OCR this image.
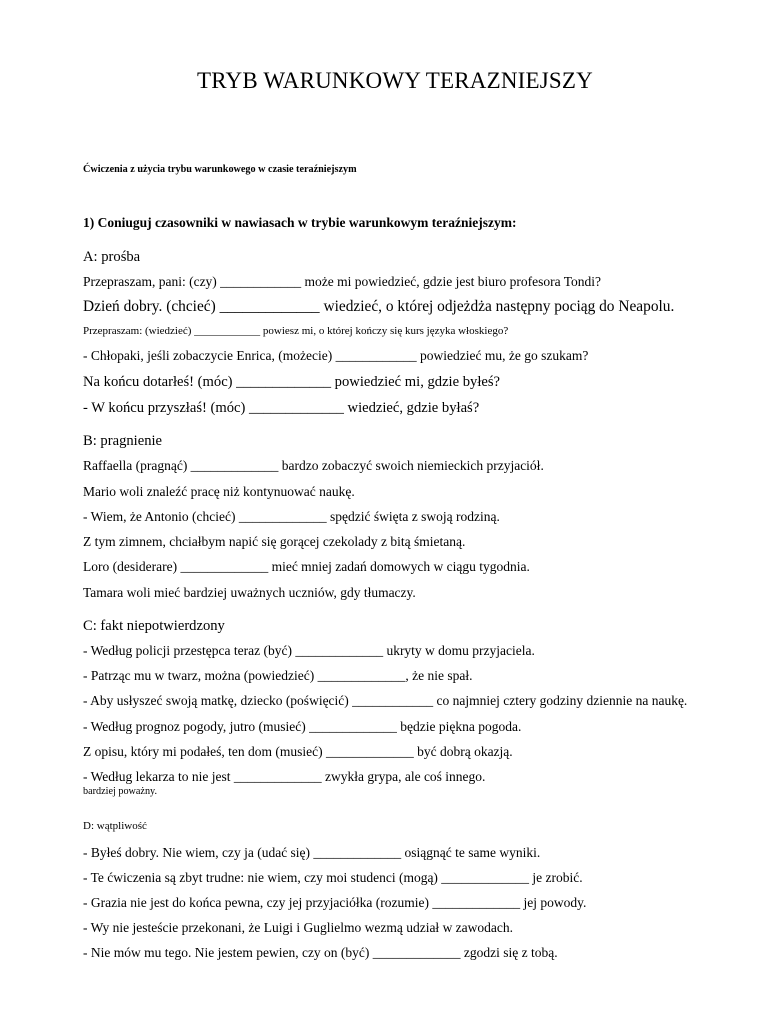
TRYB WARUNKOWY TERAZNIEJSZY
Ćwiczenia z użycia trybu warunkowego w czasie teraźniejszym
1) Coniuguj czasowniki w nawiasach w trybie warunkowym teraźniejszym:
A: prośba
Przepraszam, pani: (czy) ____________ może mi powiedzieć, gdzie jest biuro profesora Tondi?
Dzień dobry. (chcieć) _____________ wiedzieć, o której odjeżdża następny pociąg do Neapolu.
Przepraszam: (wiedzieć) ____________ powiesz mi, o której kończy się kurs języka włoskiego?
- Chłopaki, jeśli zobaczycie Enrica, (możecie) ____________ powiedzieć mu, że go szukam?
Na końcu dotarłeś! (móc) _____________ powiedzieć mi, gdzie byłeś?
- W końcu przyszłaś! (móc) _____________ wiedzieć, gdzie byłaś?
B: pragnienie
Raffaella (pragnąć) _____________ bardzo zobaczyć swoich niemieckich przyjaciół.
Mario woli znaleźć pracę niż kontynuować naukę.
- Wiem, że Antonio (chcieć) _____________ spędzić święta z swoją rodziną.
Z tym zimnem, chciałbym napić się gorącej czekolady z bitą śmietaną.
Loro (desiderare) _____________ mieć mniej zadań domowych w ciągu tygodnia.
Tamara woli mieć bardziej uważnych uczniów, gdy tłumaczy.
C: fakt niepotwierdzony
- Według policji przestępca teraz (być) _____________ ukryty w domu przyjaciela.
- Patrząc mu w twarz, można (powiedzieć) _____________, że nie spał.
- Aby usłyszeć swoją matkę, dziecko (poświęcić) ____________ co najmniej cztery godziny dziennie na naukę.
- Według prognoz pogody, jutro (musieć) _____________ będzie piękna pogoda.
Z opisu, który mi podałeś, ten dom (musieć) _____________ być dobrą okazją.
- Według lekarza to nie jest _____________ zwykła grypa, ale coś innego.
bardziej poważny.
D: wątpliwość
- Byłeś dobry. Nie wiem, czy ja (udać się) _____________ osiągnąć te same wyniki.
- Te ćwiczenia są zbyt trudne: nie wiem, czy moi studenci (mogą) _____________ je zrobić.
- Grazia nie jest do końca pewna, czy jej przyjaciółka (rozumie) _____________ jej powody.
- Wy nie jesteście przekonani, że Luigi i Guglielmo wezmą udział w zawodach.
- Nie mów mu tego. Nie jestem pewien, czy on (być) _____________ zgodzi się z tobą.
